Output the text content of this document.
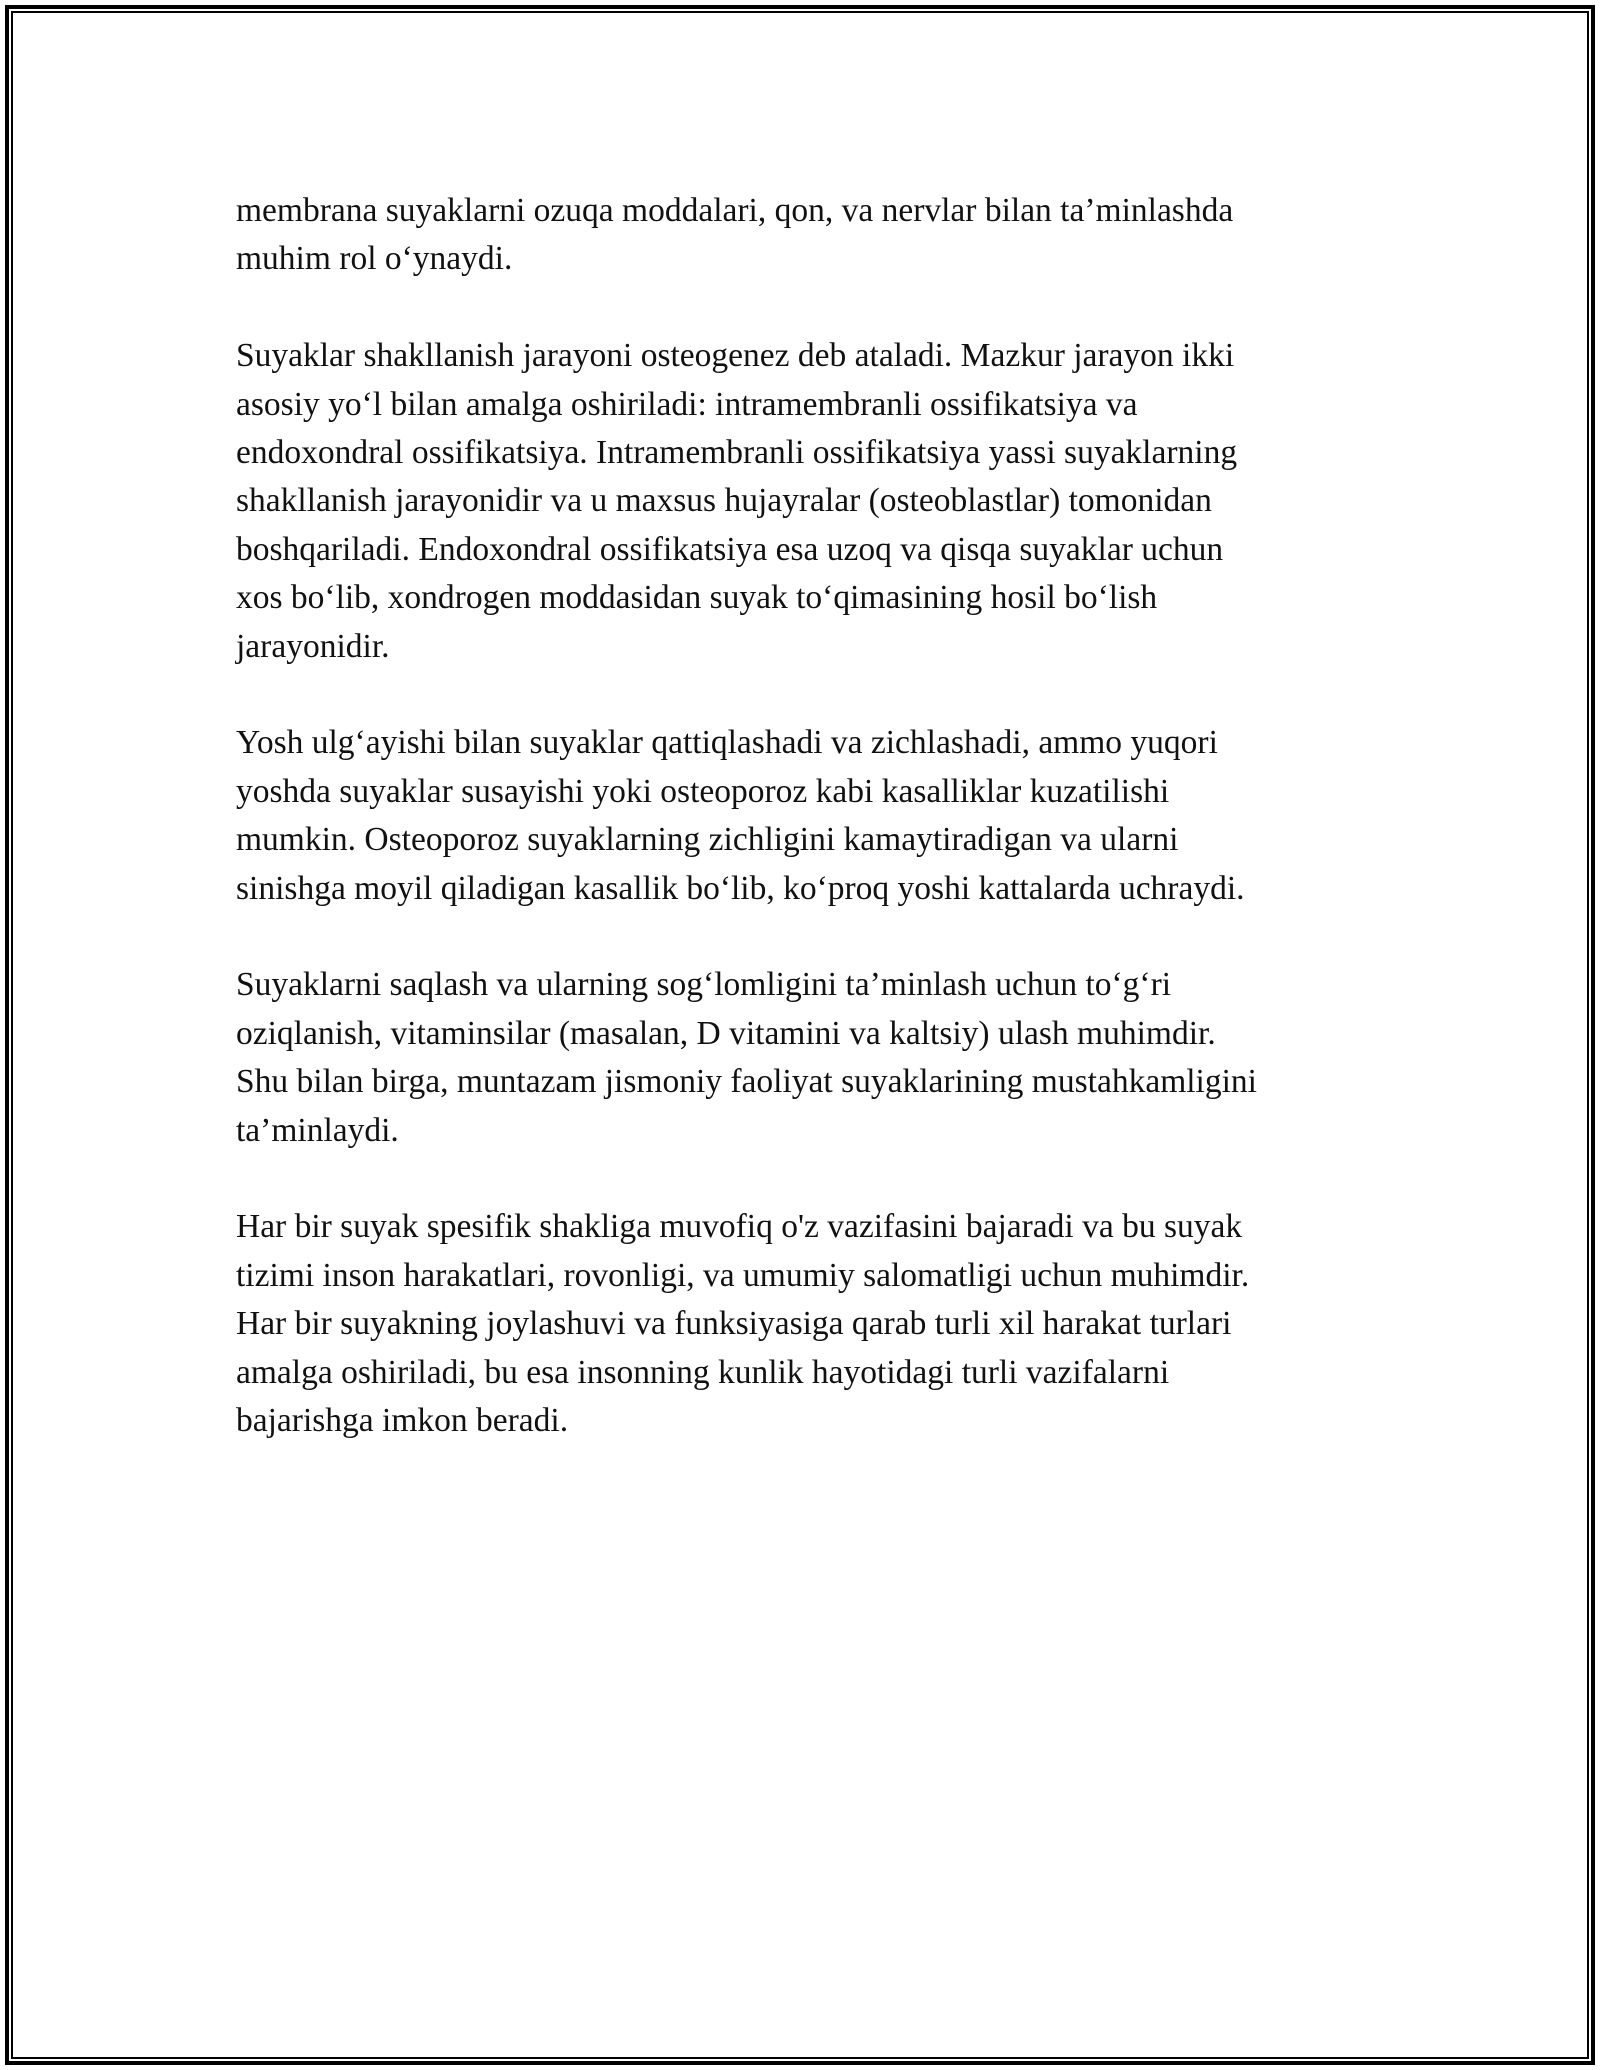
membrana suyaklarni ozuqa moddalari, qon, va nervlar bilan ta’minlashda
muhim rol o‘ynaydi.

Suyaklar shakllanish jarayoni osteogenez deb ataladi. Mazkur jarayon ikki
asosiy yo‘l bilan amalga oshiriladi: intramembranli ossifikatsiya va
endoxondral ossifikatsiya. Intramembranli ossifikatsiya yassi suyaklarning
shakllanish jarayonidir va u maxsus hujayralar (osteoblastlar) tomonidan
boshqariladi. Endoxondral ossifikatsiya esa uzoq va qisqa suyaklar uchun
xos bo‘lib, xondrogen moddasidan suyak to‘qimasining hosil bo‘lish
jarayonidir.

Yosh ulg‘ayishi bilan suyaklar qattiqlashadi va zichlashadi, ammo yuqori
yoshda suyaklar susayishi yoki osteoporoz kabi kasalliklar kuzatilishi
mumkin. Osteoporoz suyaklarning zichligini kamaytiradigan va ularni
sinishga moyil qiladigan kasallik bo‘lib, ko‘proq yoshi kattalarda uchraydi.

Suyaklarni saqlash va ularning sog‘lomligini ta’minlash uchun to‘g‘ri
oziqlanish, vitaminsilar (masalan, D vitamini va kaltsiy) ulash muhimdir.
Shu bilan birga, muntazam jismoniy faoliyat suyaklarining mustahkamligini
ta’minlaydi.

Har bir suyak spesifik shakliga muvofiq o'z vazifasini bajaradi va bu suyak
tizimi inson harakatlari, rovonligi, va umumiy salomatligi uchun muhimdir.
Har bir suyakning joylashuvi va funksiyasiga qarab turli xil harakat turlari
amalga oshiriladi, bu esa insonning kunlik hayotidagi turli vazifalarni
bajarishga imkon beradi.
